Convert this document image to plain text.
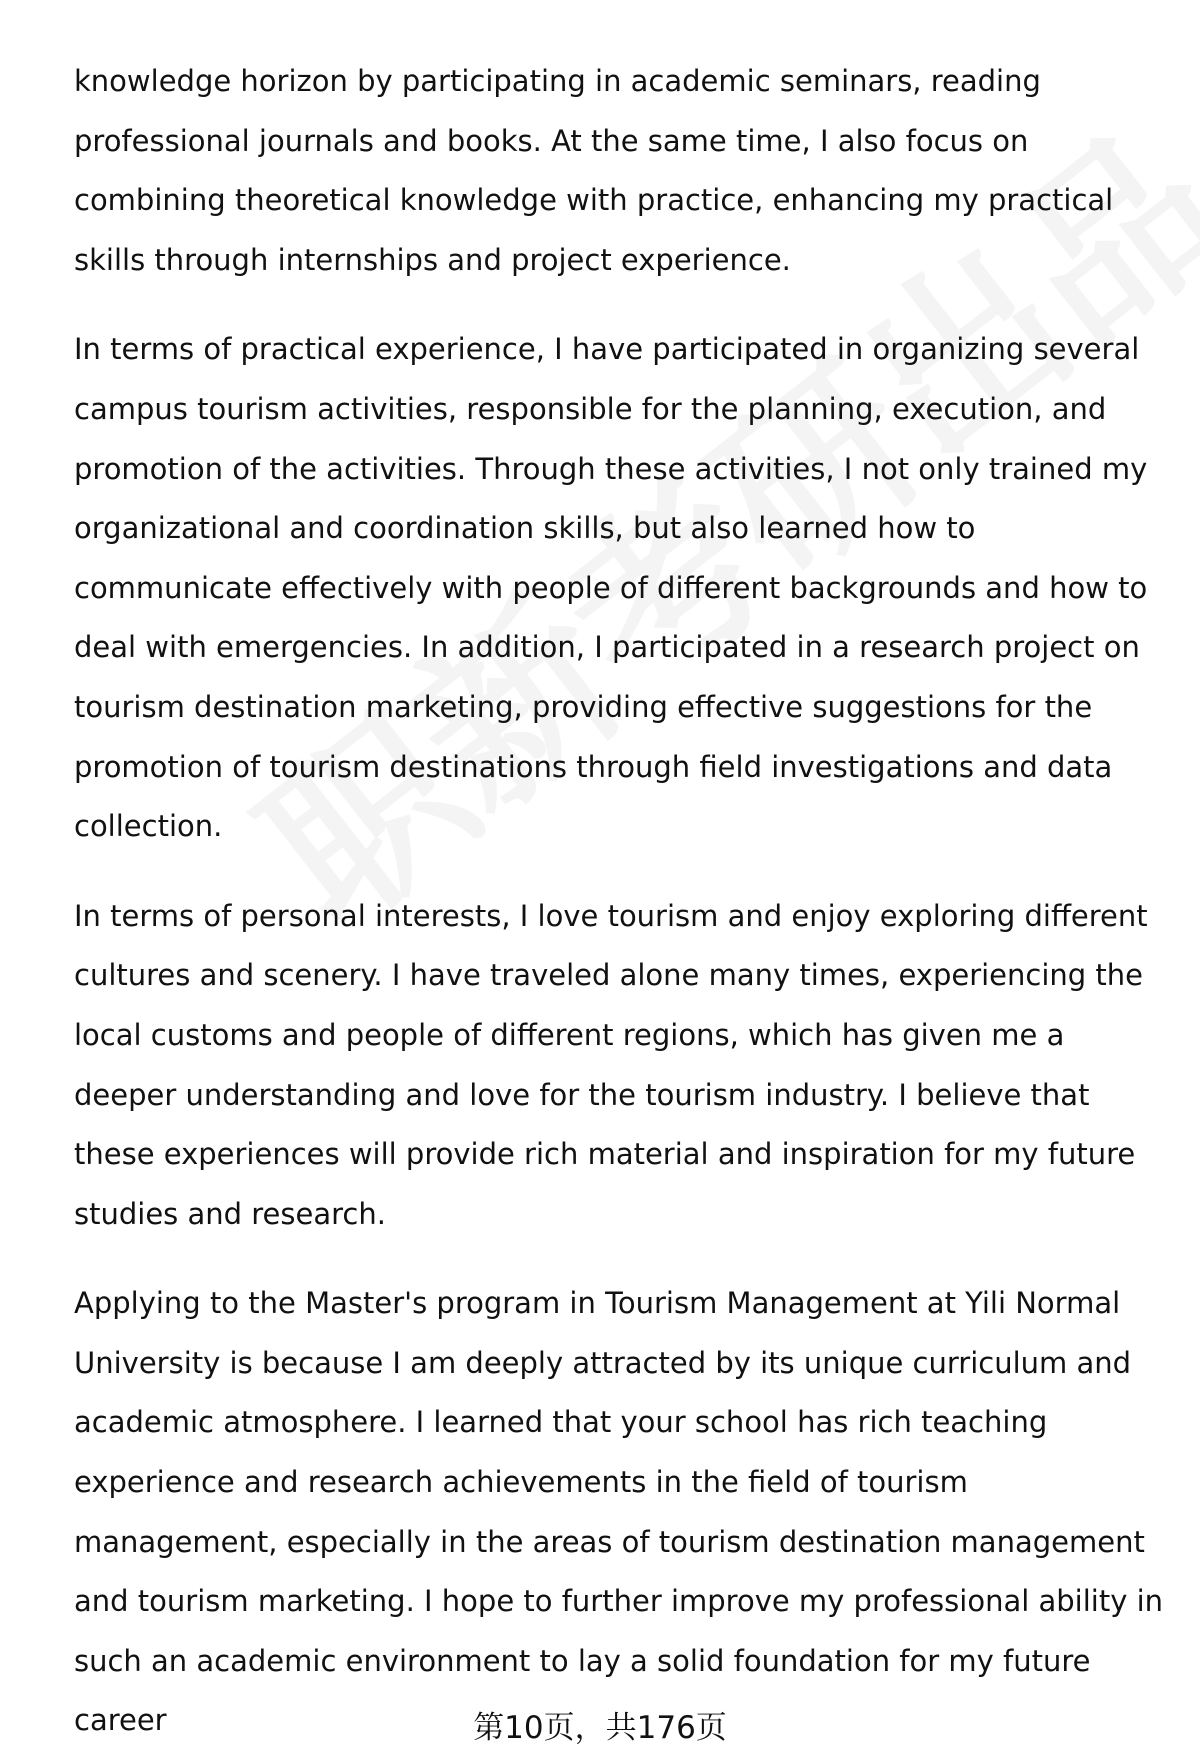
knowledge horizon by participating in academic seminars, reading professional journals and books. At the same time, I also focus on combining theoretical knowledge with practice, enhancing my practical skills through internships and project experience.

In terms of practical experience, I have participated in organizing several campus tourism activities, responsible for the planning, execution, and promotion of the activities. Through these activities, I not only trained my organizational and coordination skills, but also learned how to communicate effectively with people of different backgrounds and how to deal with emergencies. In addition, I participated in a research project on tourism destination marketing, providing effective suggestions for the promotion of tourism destinations through field investigations and data collection.

In terms of personal interests, I love tourism and enjoy exploring different cultures and scenery. I have traveled alone many times, experiencing the local customs and people of different regions, which has given me a deeper understanding and love for the tourism industry. I believe that these experiences will provide rich material and inspiration for my future studies and research.

Applying to the Master's program in Tourism Management at Yili Normal University is because I am deeply attracted by its unique curriculum and academic atmosphere. I learned that your school has rich teaching experience and research achievements in the field of tourism management, especially in the areas of tourism destination management and tourism marketing. I hope to further improve my professional ability in such an academic environment to lay a solid foundation for my future career	第10页，共176页
